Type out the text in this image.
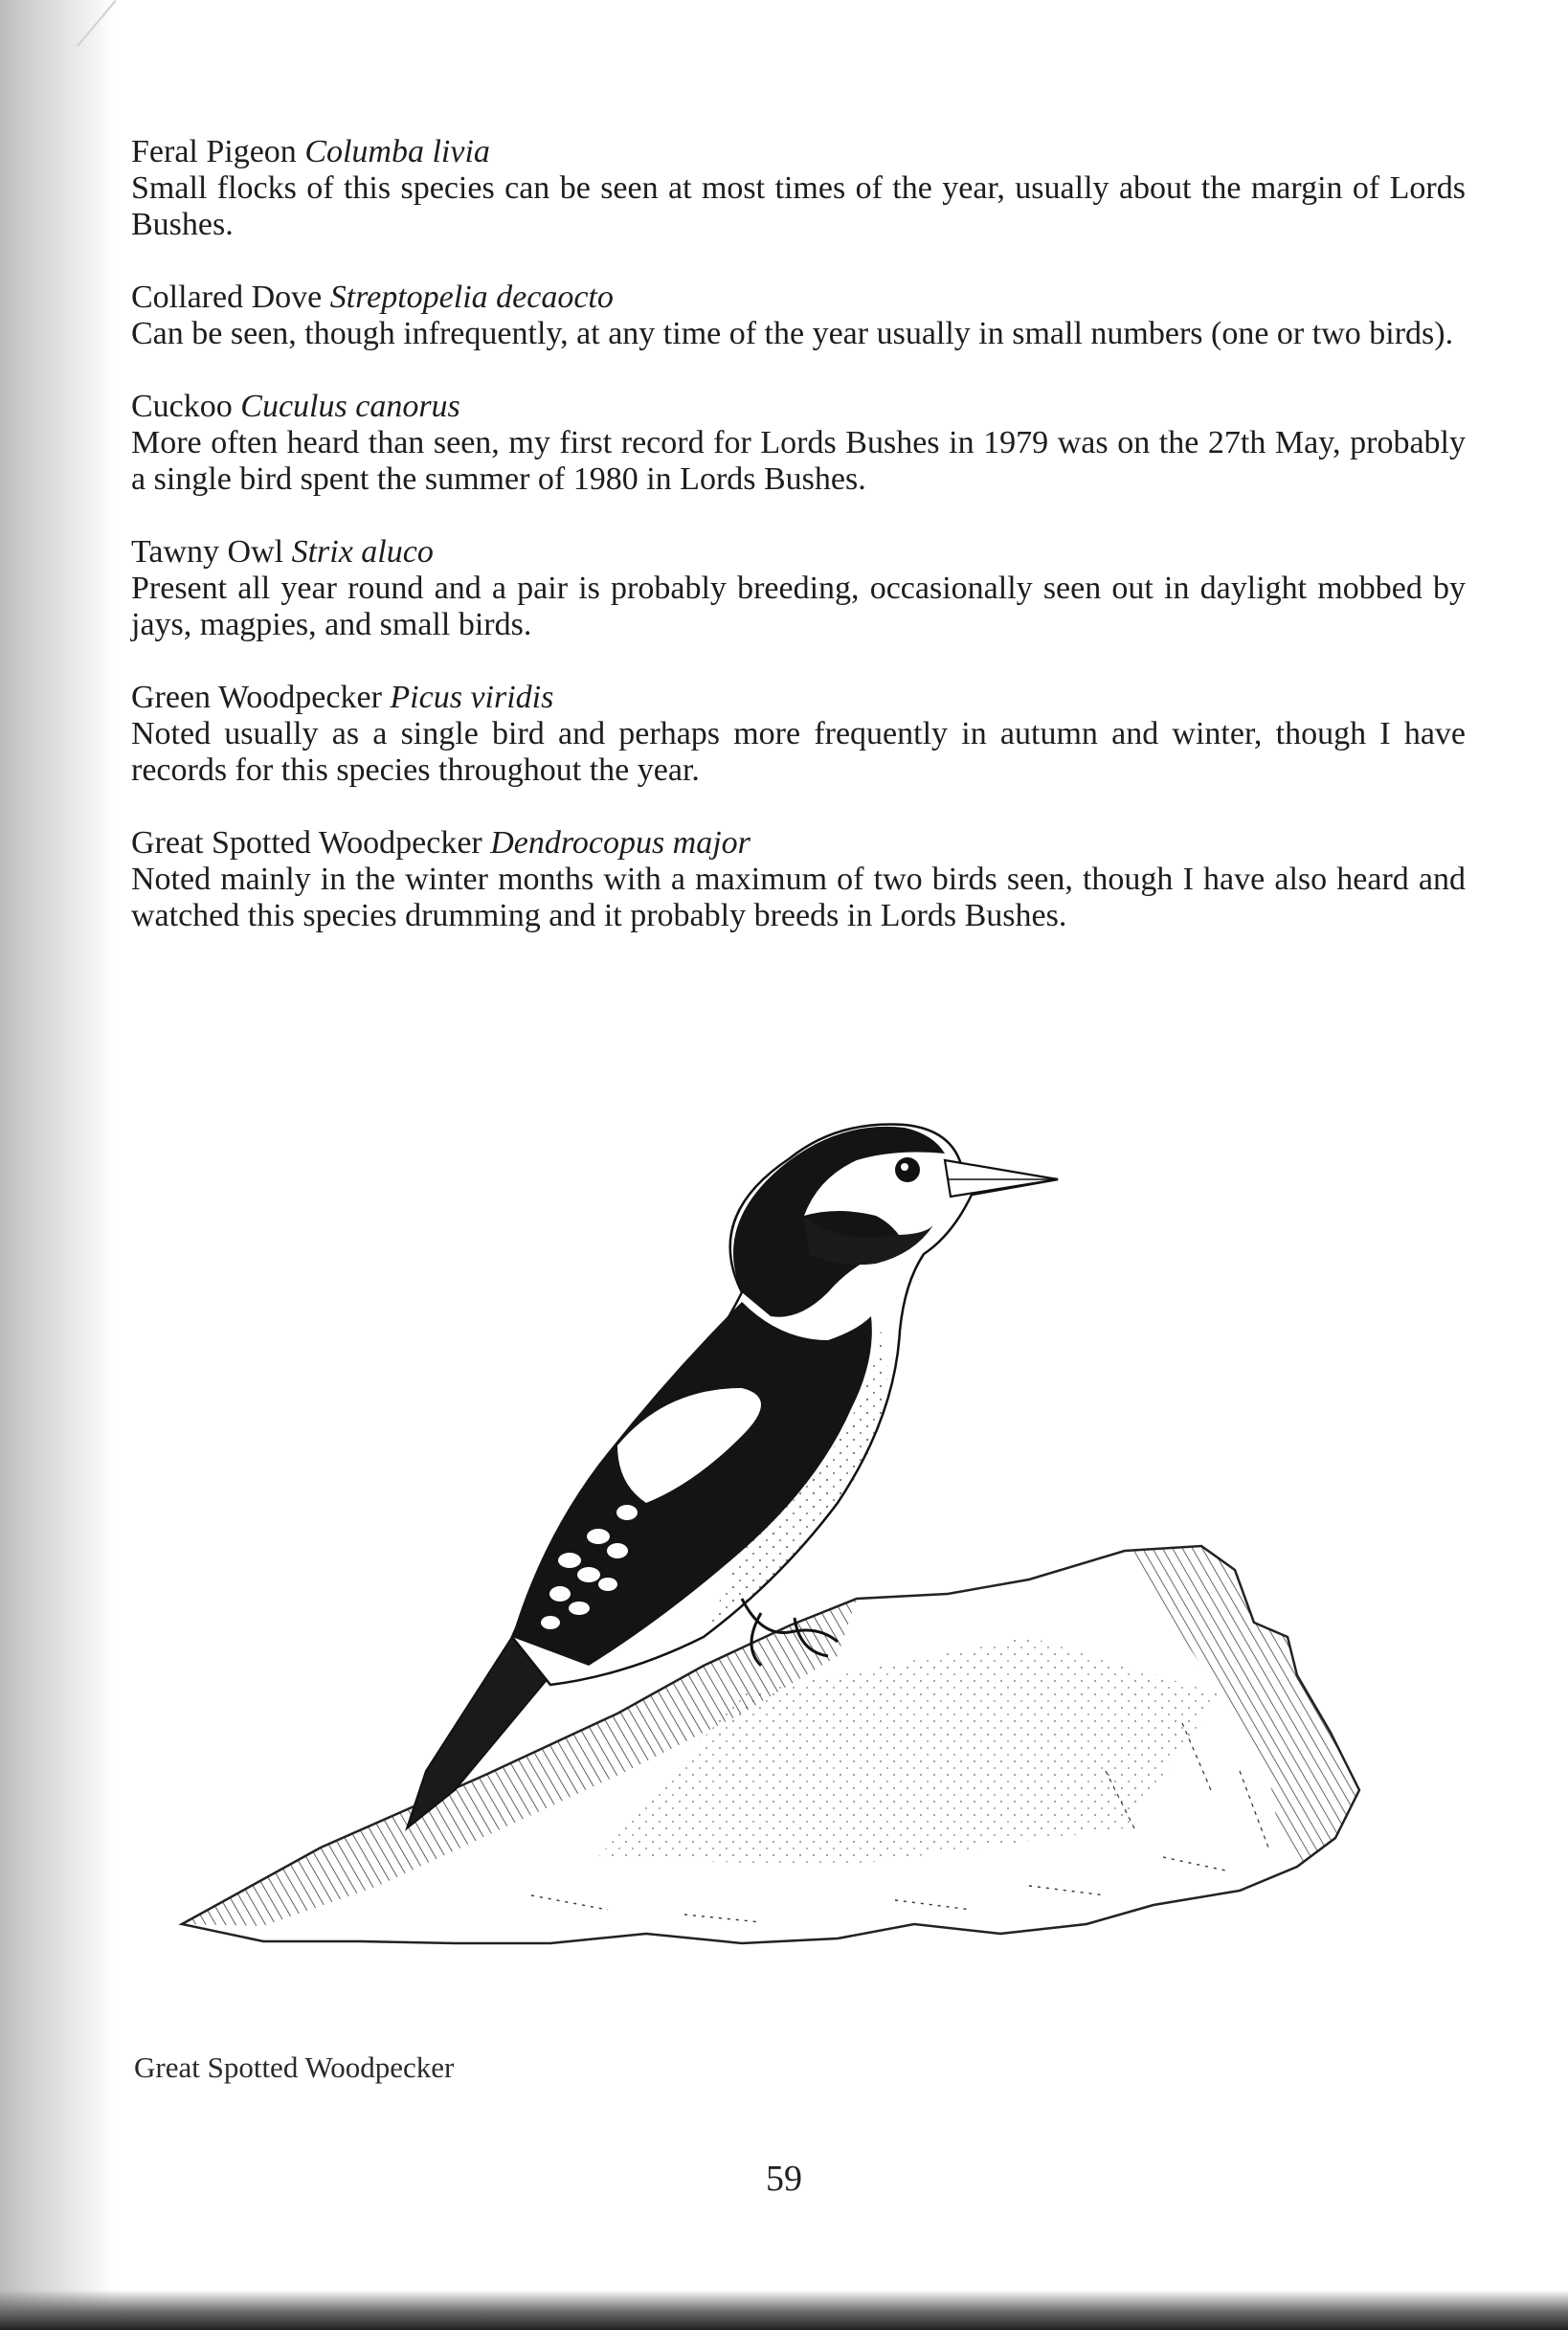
Feral Pigeon Columba livia
Small flocks of this species can be seen at most times of the year, usually about the margin of Lords Bushes.
Collared Dove Streptopelia decaocto
Can be seen, though infrequently, at any time of the year usually in small numbers (one or two birds).
Cuckoo Cuculus canorus
More often heard than seen, my first record for Lords Bushes in 1979 was on the 27th May, probably a single bird spent the summer of 1980 in Lords Bushes.
Tawny Owl Strix aluco
Present all year round and a pair is probably breeding, occasionally seen out in daylight mobbed by jays, magpies, and small birds.
Green Woodpecker Picus viridis
Noted usually as a single bird and perhaps more frequently in autumn and winter, though I have records for this species throughout the year.
Great Spotted Woodpecker Dendrocopus major
Noted mainly in the winter months with a maximum of two birds seen, though I have also heard and watched this species drumming and it probably breeds in Lords Bushes.
Great Spotted Woodpecker
59
